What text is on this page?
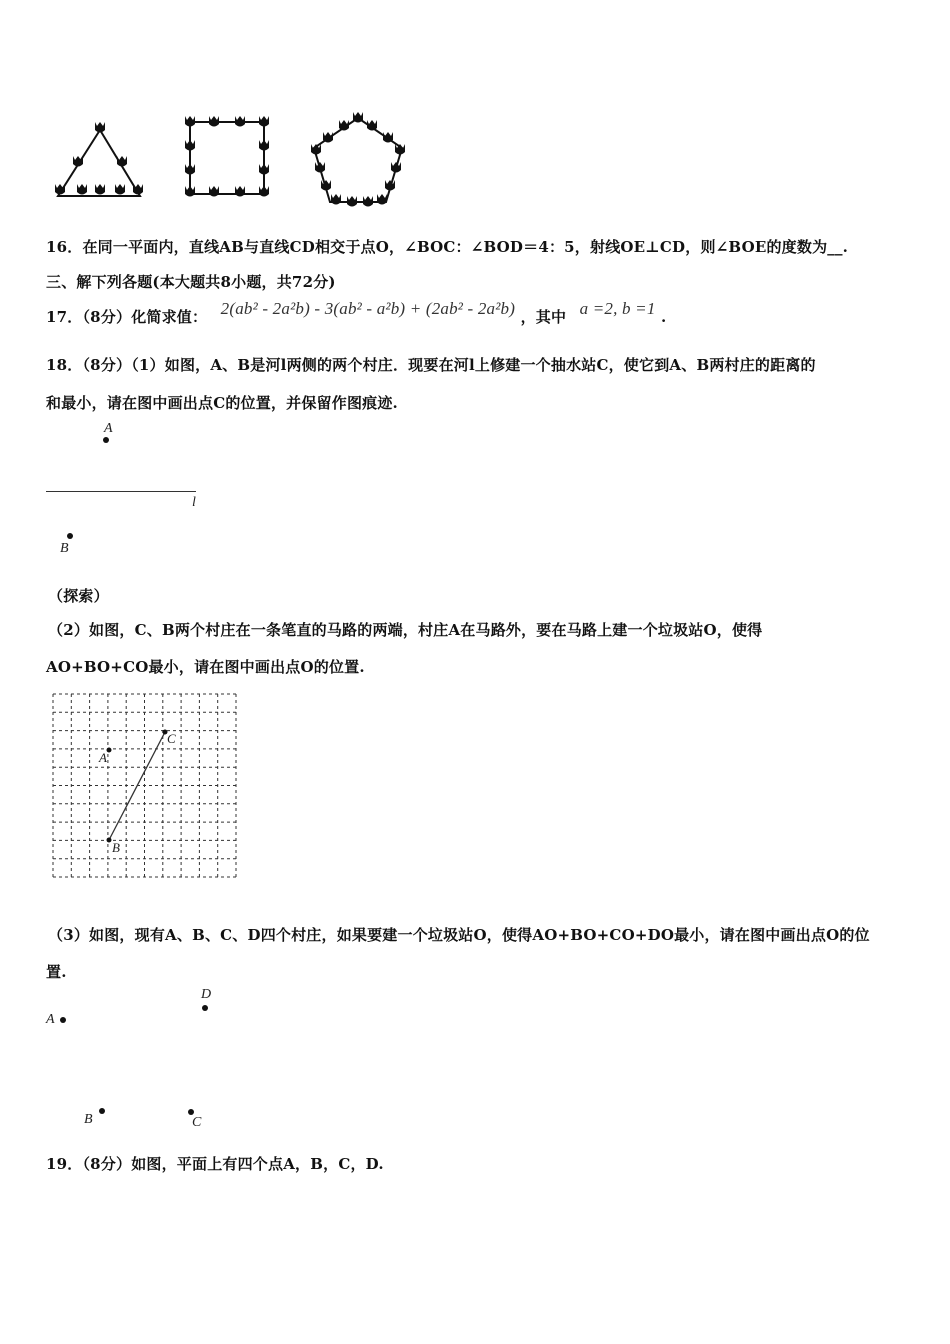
16．在同一平面内，直线AB与直线CD相交于点O，∠BOC：∠BOD＝4：5，射线OE⊥CD，则∠BOE的度数为__.
三、解下列各题(本大题共8小题，共72分)
17．（8分）化简求值： 2(ab² - 2a²b) - 3(ab² - a²b) + (2ab² - 2a²b) ，其中 a =2, b =1 .
18．（8分）（1）如图，A、B是河l两侧的两个村庄．现要在河l上修建一个抽水站C，使它到A、B两村庄的距离的
和最小，请在图中画出点C的位置，并保留作图痕迹.
A
l
B
（探索）
（2）如图，C、B两个村庄在一条笔直的马路的两端，村庄A在马路外，要在马路上建一个垃圾站O，使得
AO+BO+CO最小，请在图中画出点O的位置.
A
B
C
（3）如图，现有A、B、C、D四个村庄，如果要建一个垃圾站O，使得AO+BO+CO+DO最小，请在图中画出点O的位
置.
D
A
B	C
19．（8分）如图，平面上有四个点A，B，C，D.
